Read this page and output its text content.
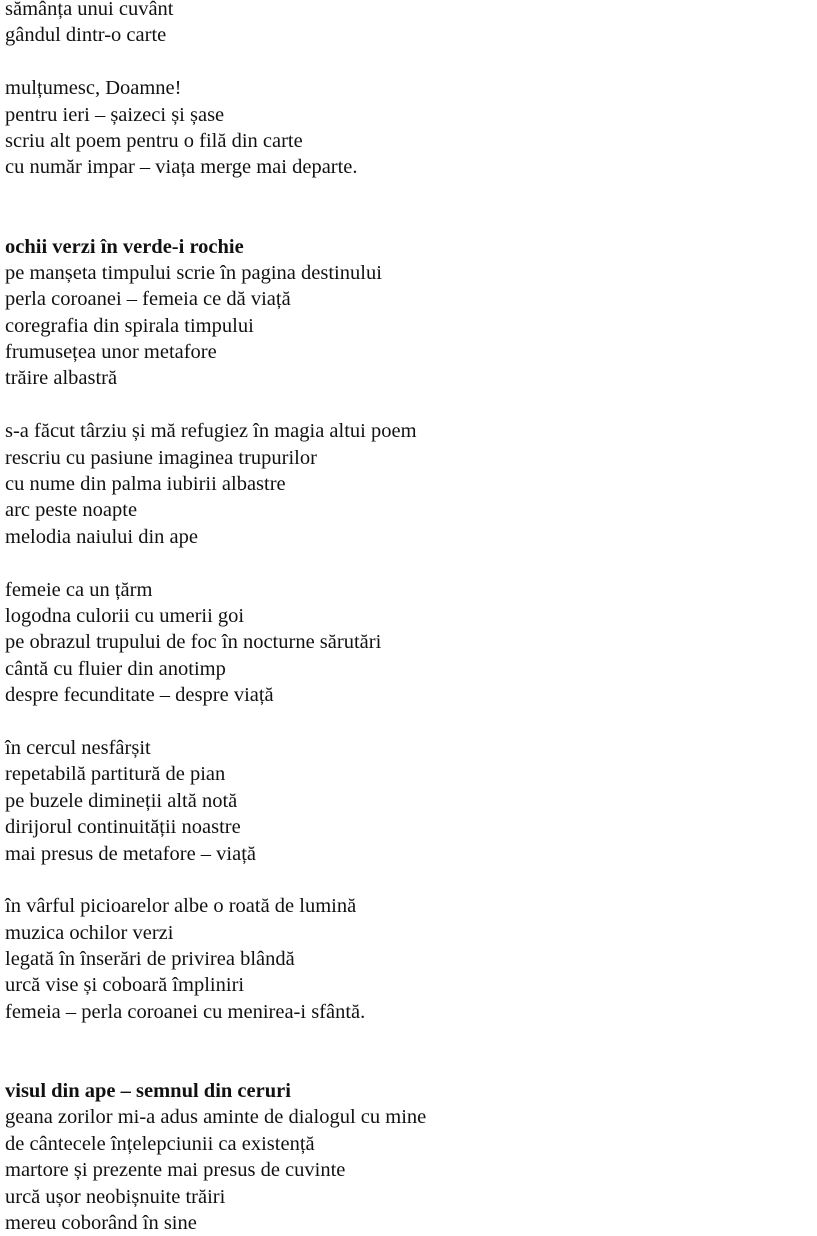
sămânța unui cuvânt
gândul dintr-o carte
mulțumesc, Doamne!
pentru ieri – șaizeci și șase
scriu alt poem pentru o filă din carte
cu număr impar – viața merge mai departe.
ochii verzi în verde-i rochie
pe manșeta timpului scrie în pagina destinului
perla coroanei – femeia ce dă viață
coregrafia din spirala timpului
frumusețea unor metafore
trăire albastră
s-a făcut târziu și mă refugiez în magia altui poem
rescriu cu pasiune imaginea trupurilor
cu nume din palma iubirii albastre
arc peste noapte
melodia naiului din ape
femeie ca un țărm
logodna culorii cu umerii goi
pe obrazul trupului de foc în nocturne sărutări
cântă cu fluier din anotimp
despre fecunditate – despre viață
în cercul nesfârșit
repetabilă partitură de pian
pe buzele dimineții altă notă
dirijorul continuității noastre
mai presus de metafore – viață
în vârful picioarelor albe o roată de lumină
muzica ochilor verzi
legată în înserări de privirea blândă
urcă vise și coboară împliniri
femeia – perla coroanei cu menirea-i sfântă.
visul din ape – semnul din ceruri
geana zorilor mi-a adus aminte de dialogul cu mine
de cântecele înțelepciunii ca existență
martore și prezente mai presus de cuvinte
urcă ușor neobișnuite trăiri
mereu coborând în sine
